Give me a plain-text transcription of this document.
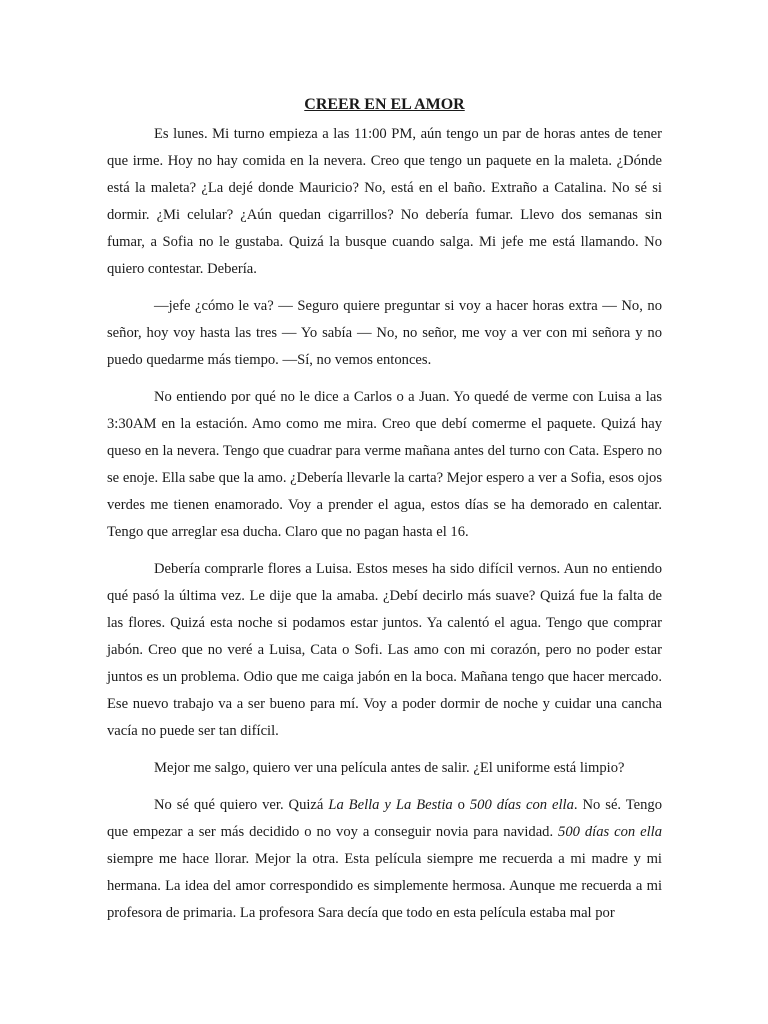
CREER EN EL AMOR

Es lunes. Mi turno empieza a las 11:00 PM, aún tengo un par de horas antes de tener que irme. Hoy no hay comida en la nevera. Creo que tengo un paquete en la maleta. ¿Dónde está la maleta? ¿La dejé donde Mauricio? No, está en el baño. Extraño a Catalina. No sé si dormir. ¿Mi celular? ¿Aún quedan cigarrillos? No debería fumar. Llevo dos semanas sin fumar, a Sofia no le gustaba. Quizá la busque cuando salga. Mi jefe me está llamando. No quiero contestar. Debería.

—jefe ¿cómo le va? — Seguro quiere preguntar si voy a hacer horas extra — No, no señor, hoy voy hasta las tres — Yo sabía — No, no señor, me voy a ver con mi señora y no puedo quedarme más tiempo. —Sí, no vemos entonces.

No entiendo por qué no le dice a Carlos o a Juan. Yo quedé de verme con Luisa a las 3:30AM en la estación. Amo como me mira. Creo que debí comerme el paquete. Quizá hay queso en la nevera. Tengo que cuadrar para verme mañana antes del turno con Cata. Espero no se enoje. Ella sabe que la amo. ¿Debería llevarle la carta? Mejor espero a ver a Sofia, esos ojos verdes me tienen enamorado. Voy a prender el agua, estos días se ha demorado en calentar. Tengo que arreglar esa ducha. Claro que no pagan hasta el 16.

Debería comprarle flores a Luisa. Estos meses ha sido difícil vernos. Aun no entiendo qué pasó la última vez. Le dije que la amaba. ¿Debí decirlo más suave? Quizá fue la falta de las flores. Quizá esta noche si podamos estar juntos. Ya calentó el agua. Tengo que comprar jabón. Creo que no veré a Luisa, Cata o Sofi. Las amo con mi corazón, pero no poder estar juntos es un problema. Odio que me caiga jabón en la boca. Mañana tengo que hacer mercado. Ese nuevo trabajo va a ser bueno para mí. Voy a poder dormir de noche y cuidar una cancha vacía no puede ser tan difícil.

Mejor me salgo, quiero ver una película antes de salir. ¿El uniforme está limpio?

No sé qué quiero ver. Quizá La Bella y La Bestia o 500 días con ella. No sé. Tengo que empezar a ser más decidido o no voy a conseguir novia para navidad. 500 días con ella siempre me hace llorar. Mejor la otra. Esta película siempre me recuerda a mi madre y mi hermana. La idea del amor correspondido es simplemente hermosa. Aunque me recuerda a mi profesora de primaria. La profesora Sara decía que todo en esta película estaba mal por
